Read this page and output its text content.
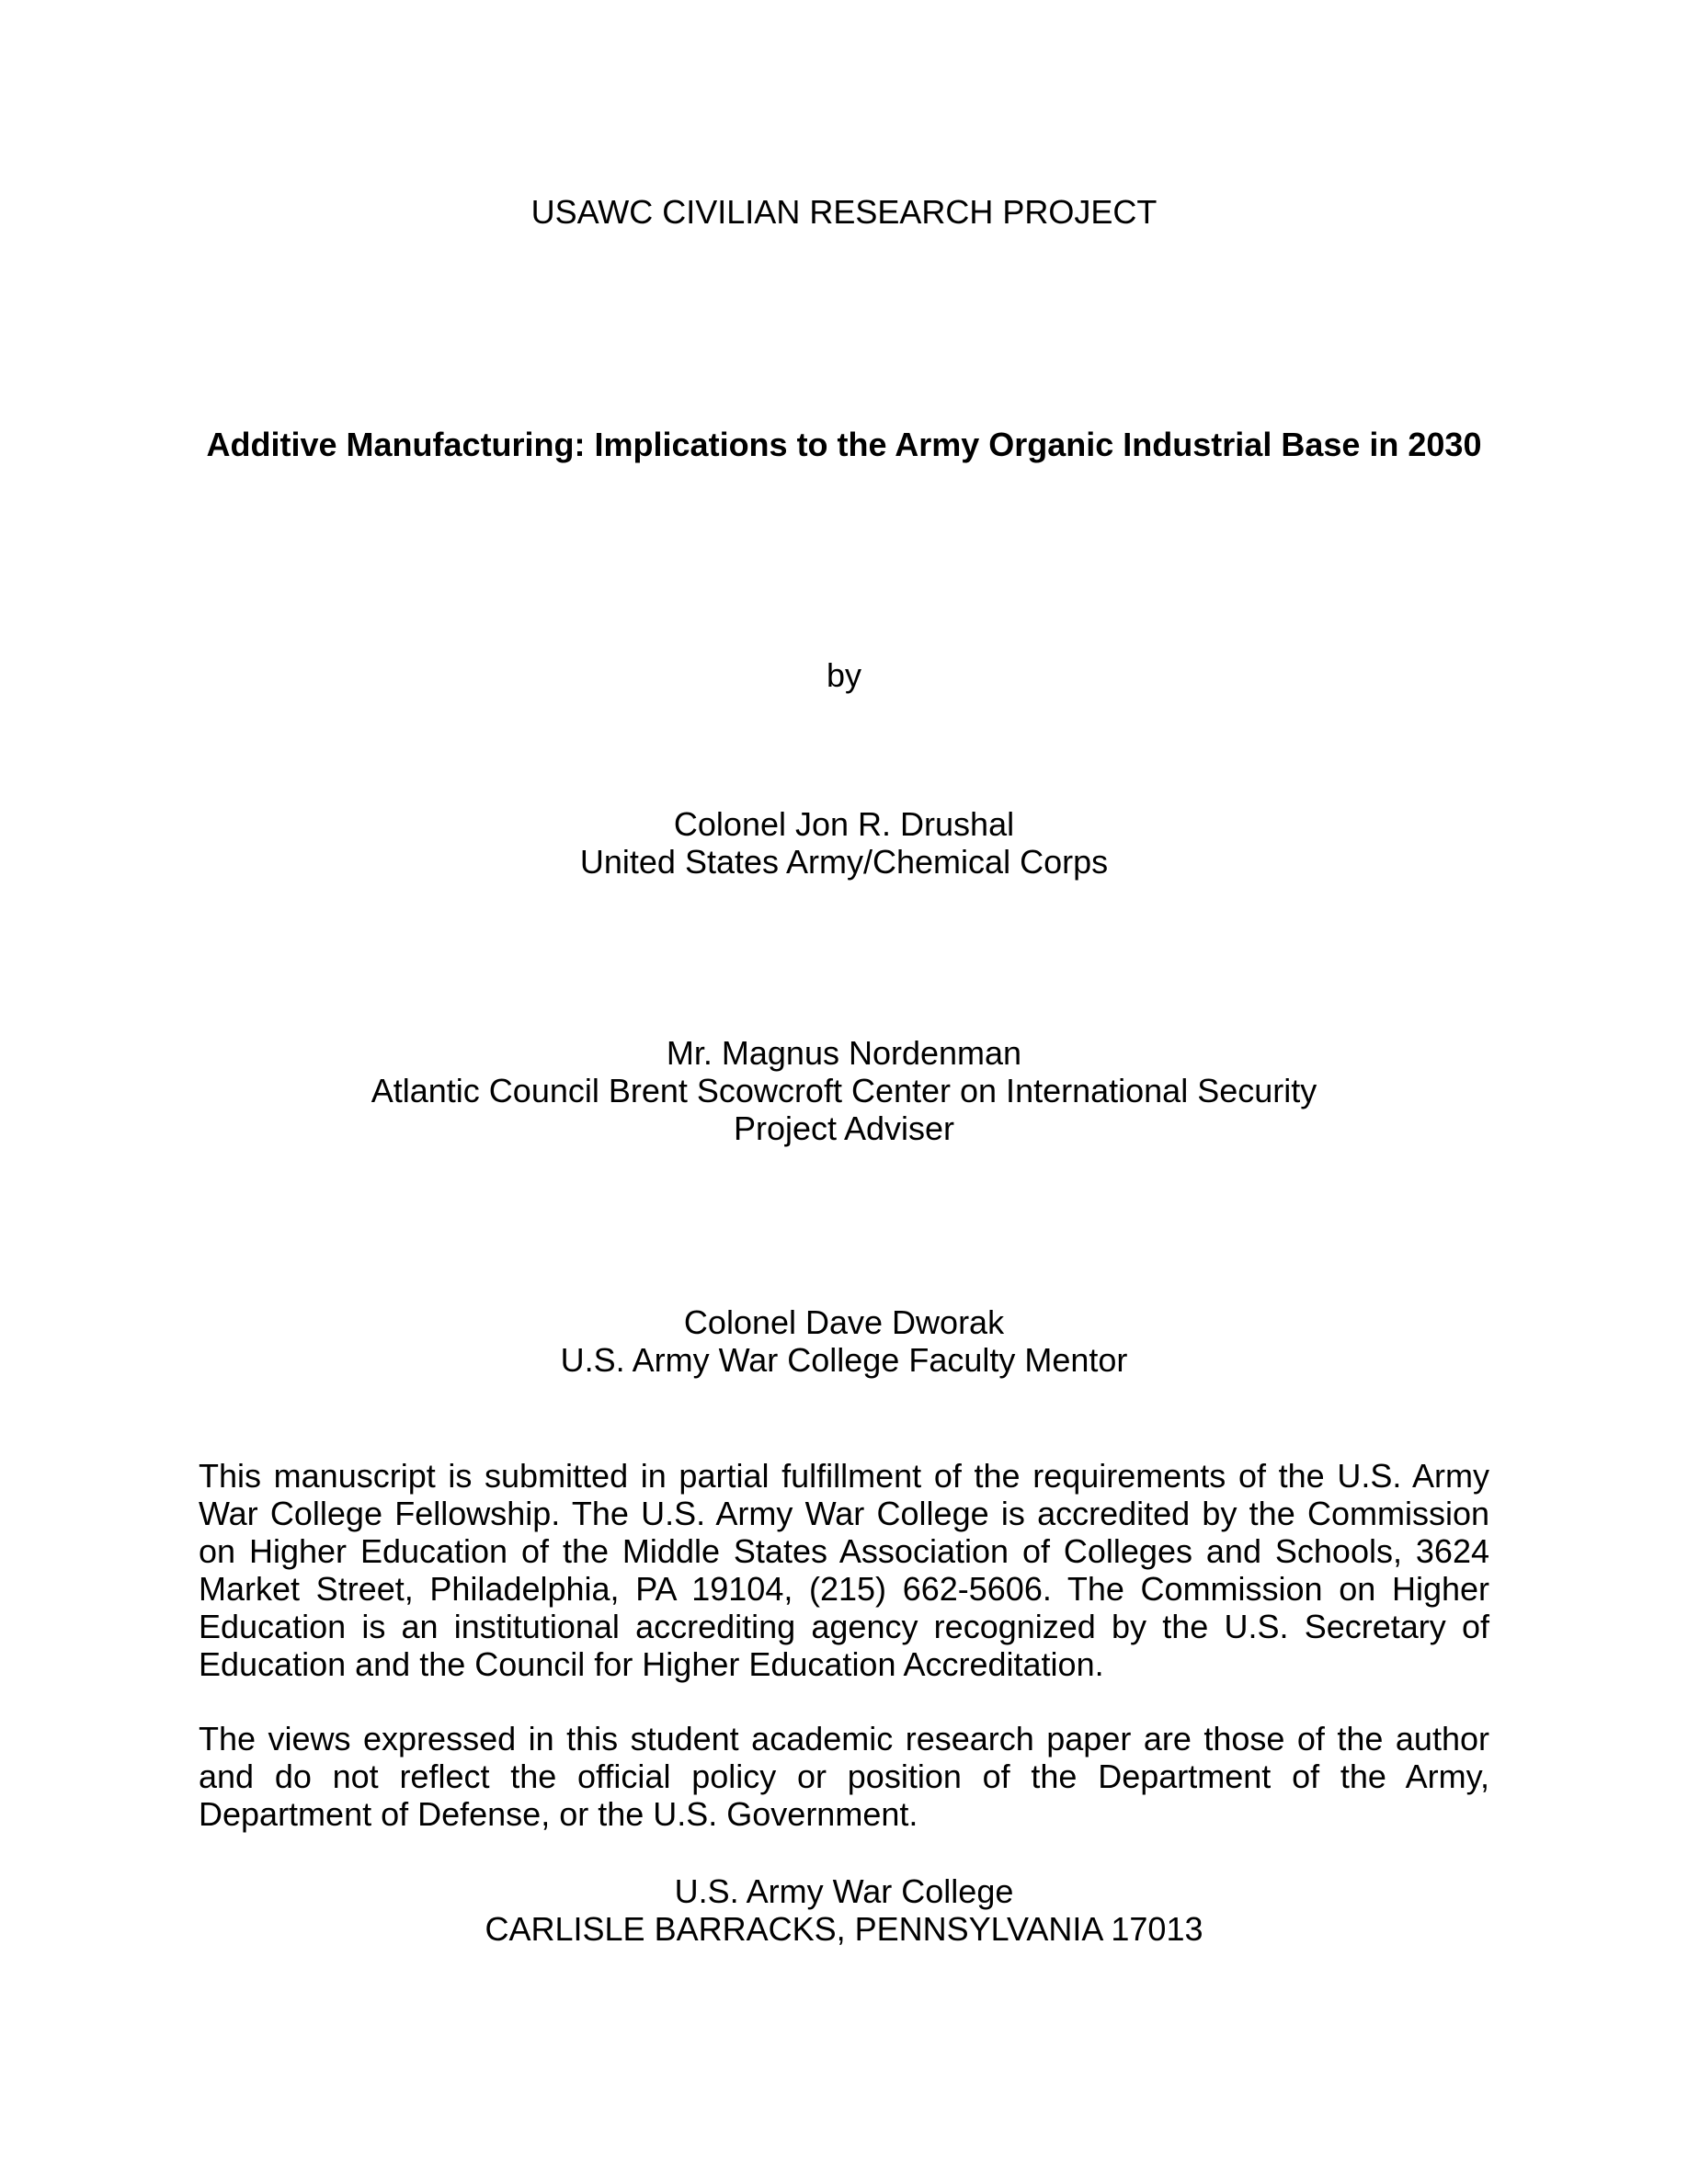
USAWC CIVILIAN RESEARCH PROJECT
Additive Manufacturing: Implications to the Army Organic Industrial Base in 2030
by
Colonel Jon R. Drushal
United States Army/Chemical Corps
Mr. Magnus Nordenman
Atlantic Council Brent Scowcroft Center on International Security
Project Adviser
Colonel Dave Dworak
U.S. Army War College Faculty Mentor

This manuscript is submitted in partial fulfillment of the requirements of the U.S. Army War College Fellowship. The U.S. Army War College is accredited by the Commission on Higher Education of the Middle States Association of Colleges and Schools, 3624 Market Street, Philadelphia, PA 19104, (215) 662-5606. The Commission on Higher Education is an institutional accrediting agency recognized by the U.S. Secretary of Education and the Council for Higher Education Accreditation.

The views expressed in this student academic research paper are those of the author and do not reflect the official policy or position of the Department of the Army, Department of Defense, or the U.S. Government.

U.S. Army War College
CARLISLE BARRACKS, PENNSYLVANIA 17013
